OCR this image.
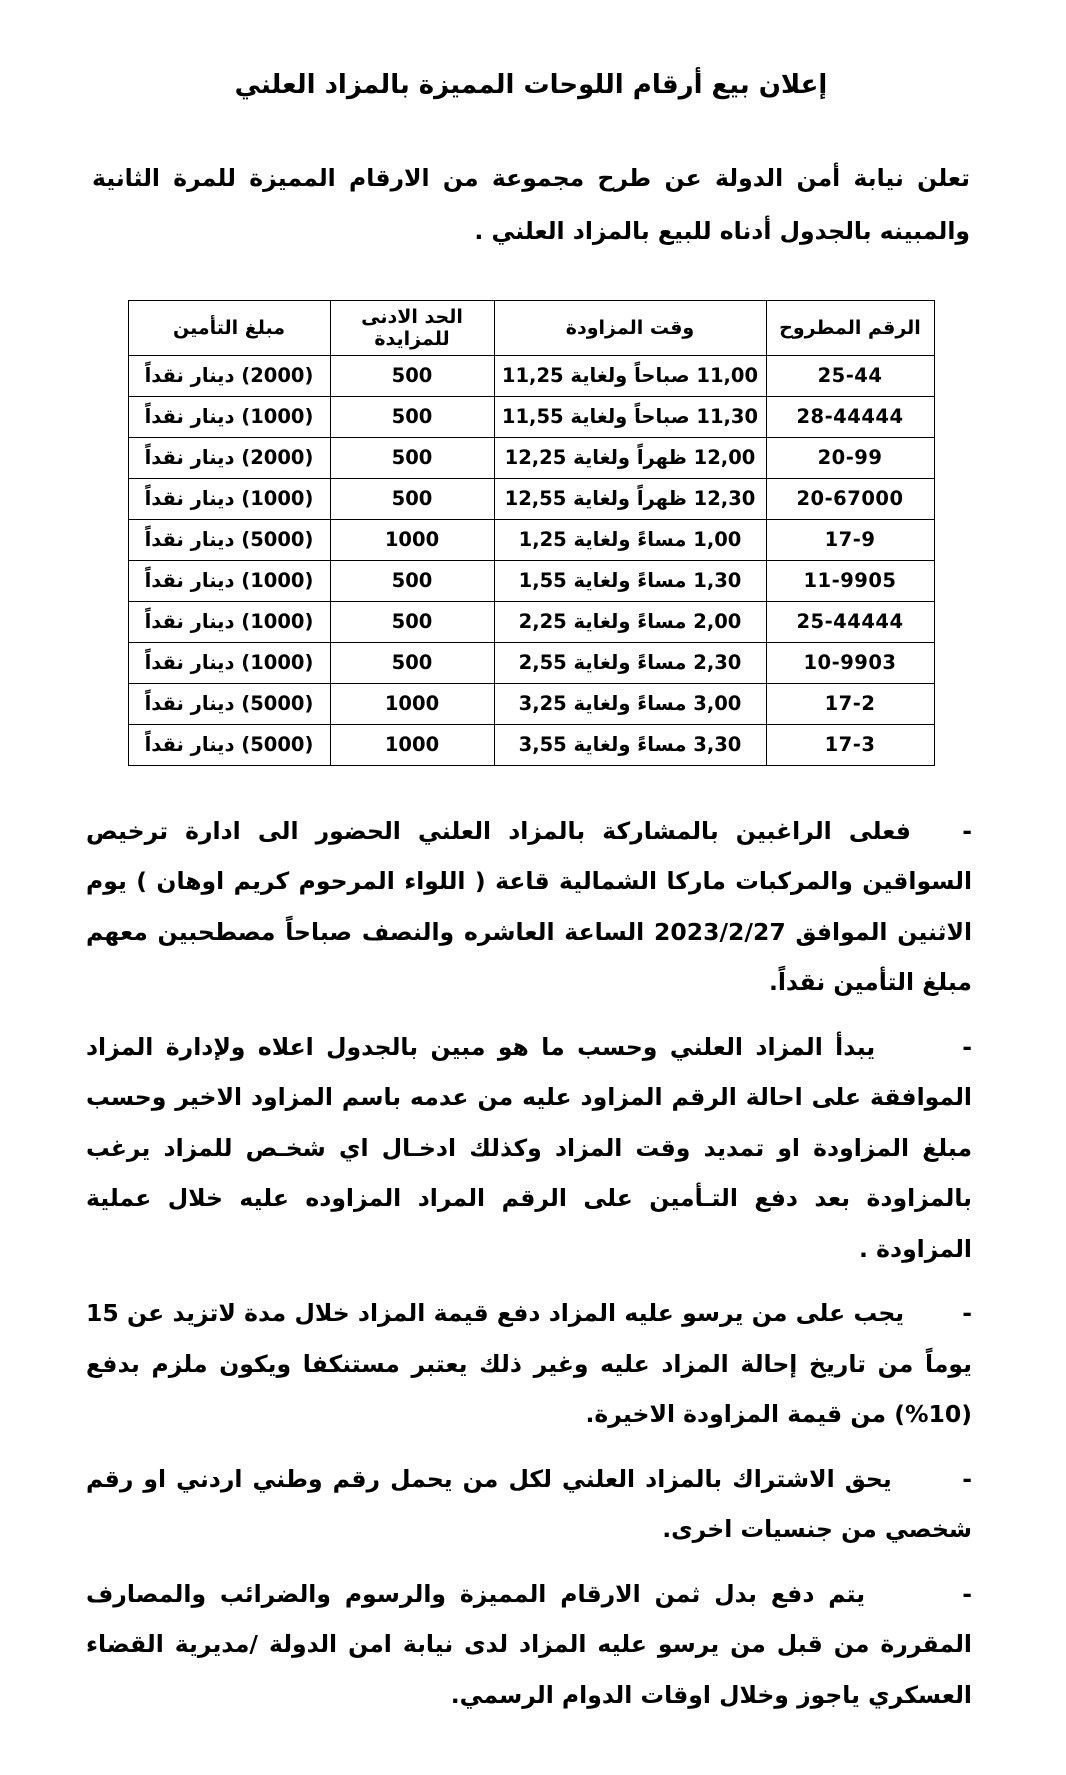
إعلان بيع أرقام اللوحات المميزة بالمزاد العلني

تعلن نيابة أمن الدولة عن طرح مجموعة من الارقام المميزة للمرة الثانية والمبينه بالجدول أدناه للبيع بالمزاد العلني .

الرقم المطروح	وقت المزاودة	الحد الادنى للمزايدة	مبلغ التأمين
25-44	11,00 صباحاً ولغاية 11,25	500	(2000) دينار نقداً
28-44444	11,30 صباحاً ولغاية 11,55	500	(1000) دينار نقداً
20-99	12,00 ظهراً ولغاية 12,25	500	(2000) دينار نقداً
20-67000	12,30 ظهراً ولغاية 12,55	500	(1000) دينار نقداً
17-9	1,00 مساءً ولغاية 1,25	1000	(5000) دينار نقداً
11-9905	1,30 مساءً ولغاية 1,55	500	(1000) دينار نقداً
25-44444	2,00 مساءً ولغاية 2,25	500	(1000) دينار نقداً
10-9903	2,30 مساءً ولغاية 2,55	500	(1000) دينار نقداً
17-2	3,00 مساءً ولغاية 3,25	1000	(5000) دينار نقداً
17-3	3,30 مساءً ولغاية 3,55	1000	(5000) دينار نقداً

-   فعلى الراغبين بالمشاركة بالمزاد العلني الحضور الى ادارة ترخيص السواقين والمركبات ماركا الشمالية قاعة ( اللواء المرحوم كريم اوهان ) يوم الاثنين الموافق 2023/2/27 الساعة العاشره والنصف صباحاً مصطحبين معهم مبلغ التأمين نقداً.

-       يبدأ المزاد العلني وحسب ما هو مبين بالجدول اعلاه ولإدارة المزاد الموافقة على احالة الرقم المزاود عليه من عدمه باسم المزاود الاخير وحسب مبلغ المزاودة او تمديد وقت المزاد وكذلك ادخـال اي شخـص للمزاد يرغب بالمزاودة بعد دفع التـأمين على الرقم المراد المزاوده عليه خلال عملية المزاودة .

-       يجب على من يرسو عليه المزاد دفع قيمة المزاد خلال مدة لاتزيد عن 15 يوماً من تاريخ إحالة المزاد عليه وغير ذلك يعتبر مستنكفا ويكون ملزم بدفع (10%) من قيمة المزاودة الاخيرة.

-       يحق الاشتراك بالمزاد العلني لكل من يحمل رقم وطني اردني او رقم شخصي من جنسيات اخرى.

-       يتم دفع بدل ثمن الارقام المميزة والرسوم والضرائب والمصارف المقررة من قبل من يرسو عليه المزاد لدى نيابة امن الدولة /مديرية القضاء العسكري ياجوز وخلال اوقات الدوام الرسمي.
